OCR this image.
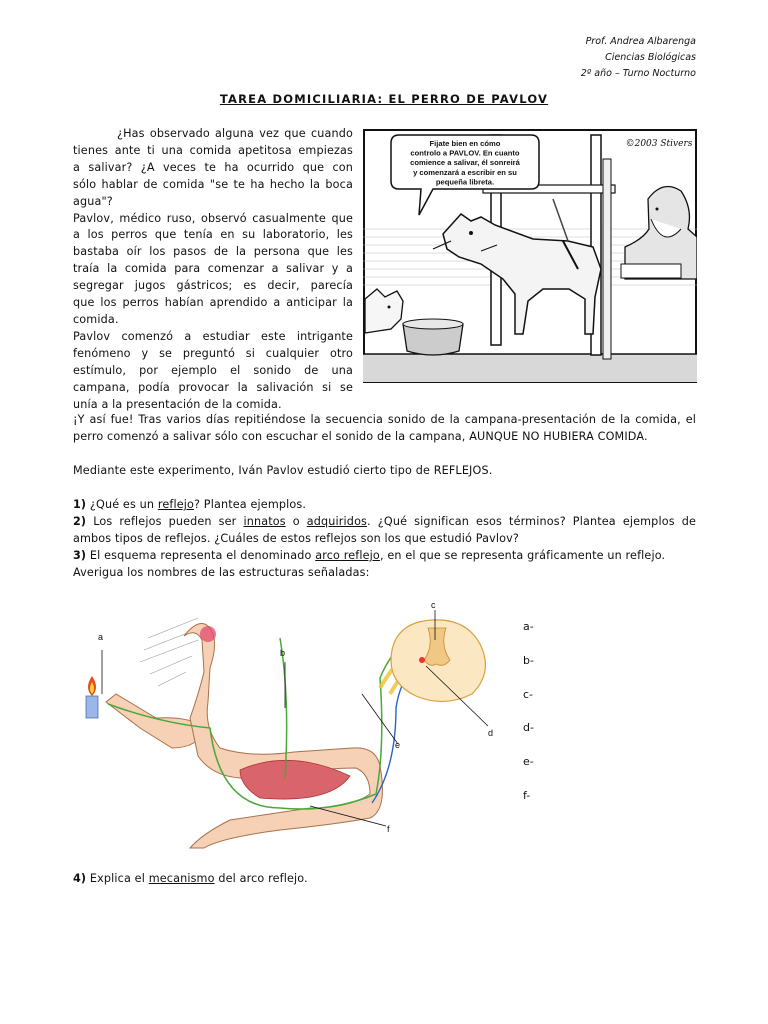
Prof. Andrea Albarenga
Ciencias Biológicas
2º año – Turno Nocturno
TAREA DOMICILIARIA: EL PERRO DE PAVLOV
¿Has observado alguna vez que cuando
tienes ante ti una comida apetitosa empiezas
a salivar? ¿A veces te ha ocurrido que con
sólo hablar de comida "se te ha hecho la boca
agua"?
Pavlov, médico ruso, observó casualmente que
a los perros que tenía en su laboratorio, les
bastaba oír los pasos de la persona que les
traía la comida para comenzar a salivar y a
segregar jugos gástricos; es decir, parecía
que los perros habían aprendido a anticipar la
comida.
Pavlov comenzó a estudiar este intrigante
fenómeno y se preguntó si cualquier otro
estímulo, por ejemplo el sonido de una
campana, podía provocar la salivación si se
unía a la presentación de la comida.
Fijate bien en cómo
controlo a PAVLOV. En cuanto
comience a salivar, él sonreirá
y comenzará a escribir en su
pequeña libreta.
©2003 Stivers
¡Y así fue! Tras varios días repitiéndose la secuencia sonido de la campana-presentación de la comida, el
perro comenzó a salivar sólo con escuchar el sonido de la campana, AUNQUE NO HUBIERA COMIDA.
Mediante este experimento, Iván Pavlov estudió cierto tipo de REFLEJOS.
1) ¿Qué es un reflejo? Plantea ejemplos.
2) Los reflejos pueden ser innatos o adquiridos. ¿Qué significan esos términos? Plantea ejemplos de
ambos tipos de reflejos. ¿Cuáles de estos reflejos son los que estudió Pavlov?
3) El esquema representa el denominado arco reflejo, en el que se representa gráficamente un reflejo.
Averigua los nombres de las estructuras señaladas:
a
b
c
d
e
f
a-
b-
c-
d-
e-
f-
4) Explica el mecanismo del arco reflejo.
